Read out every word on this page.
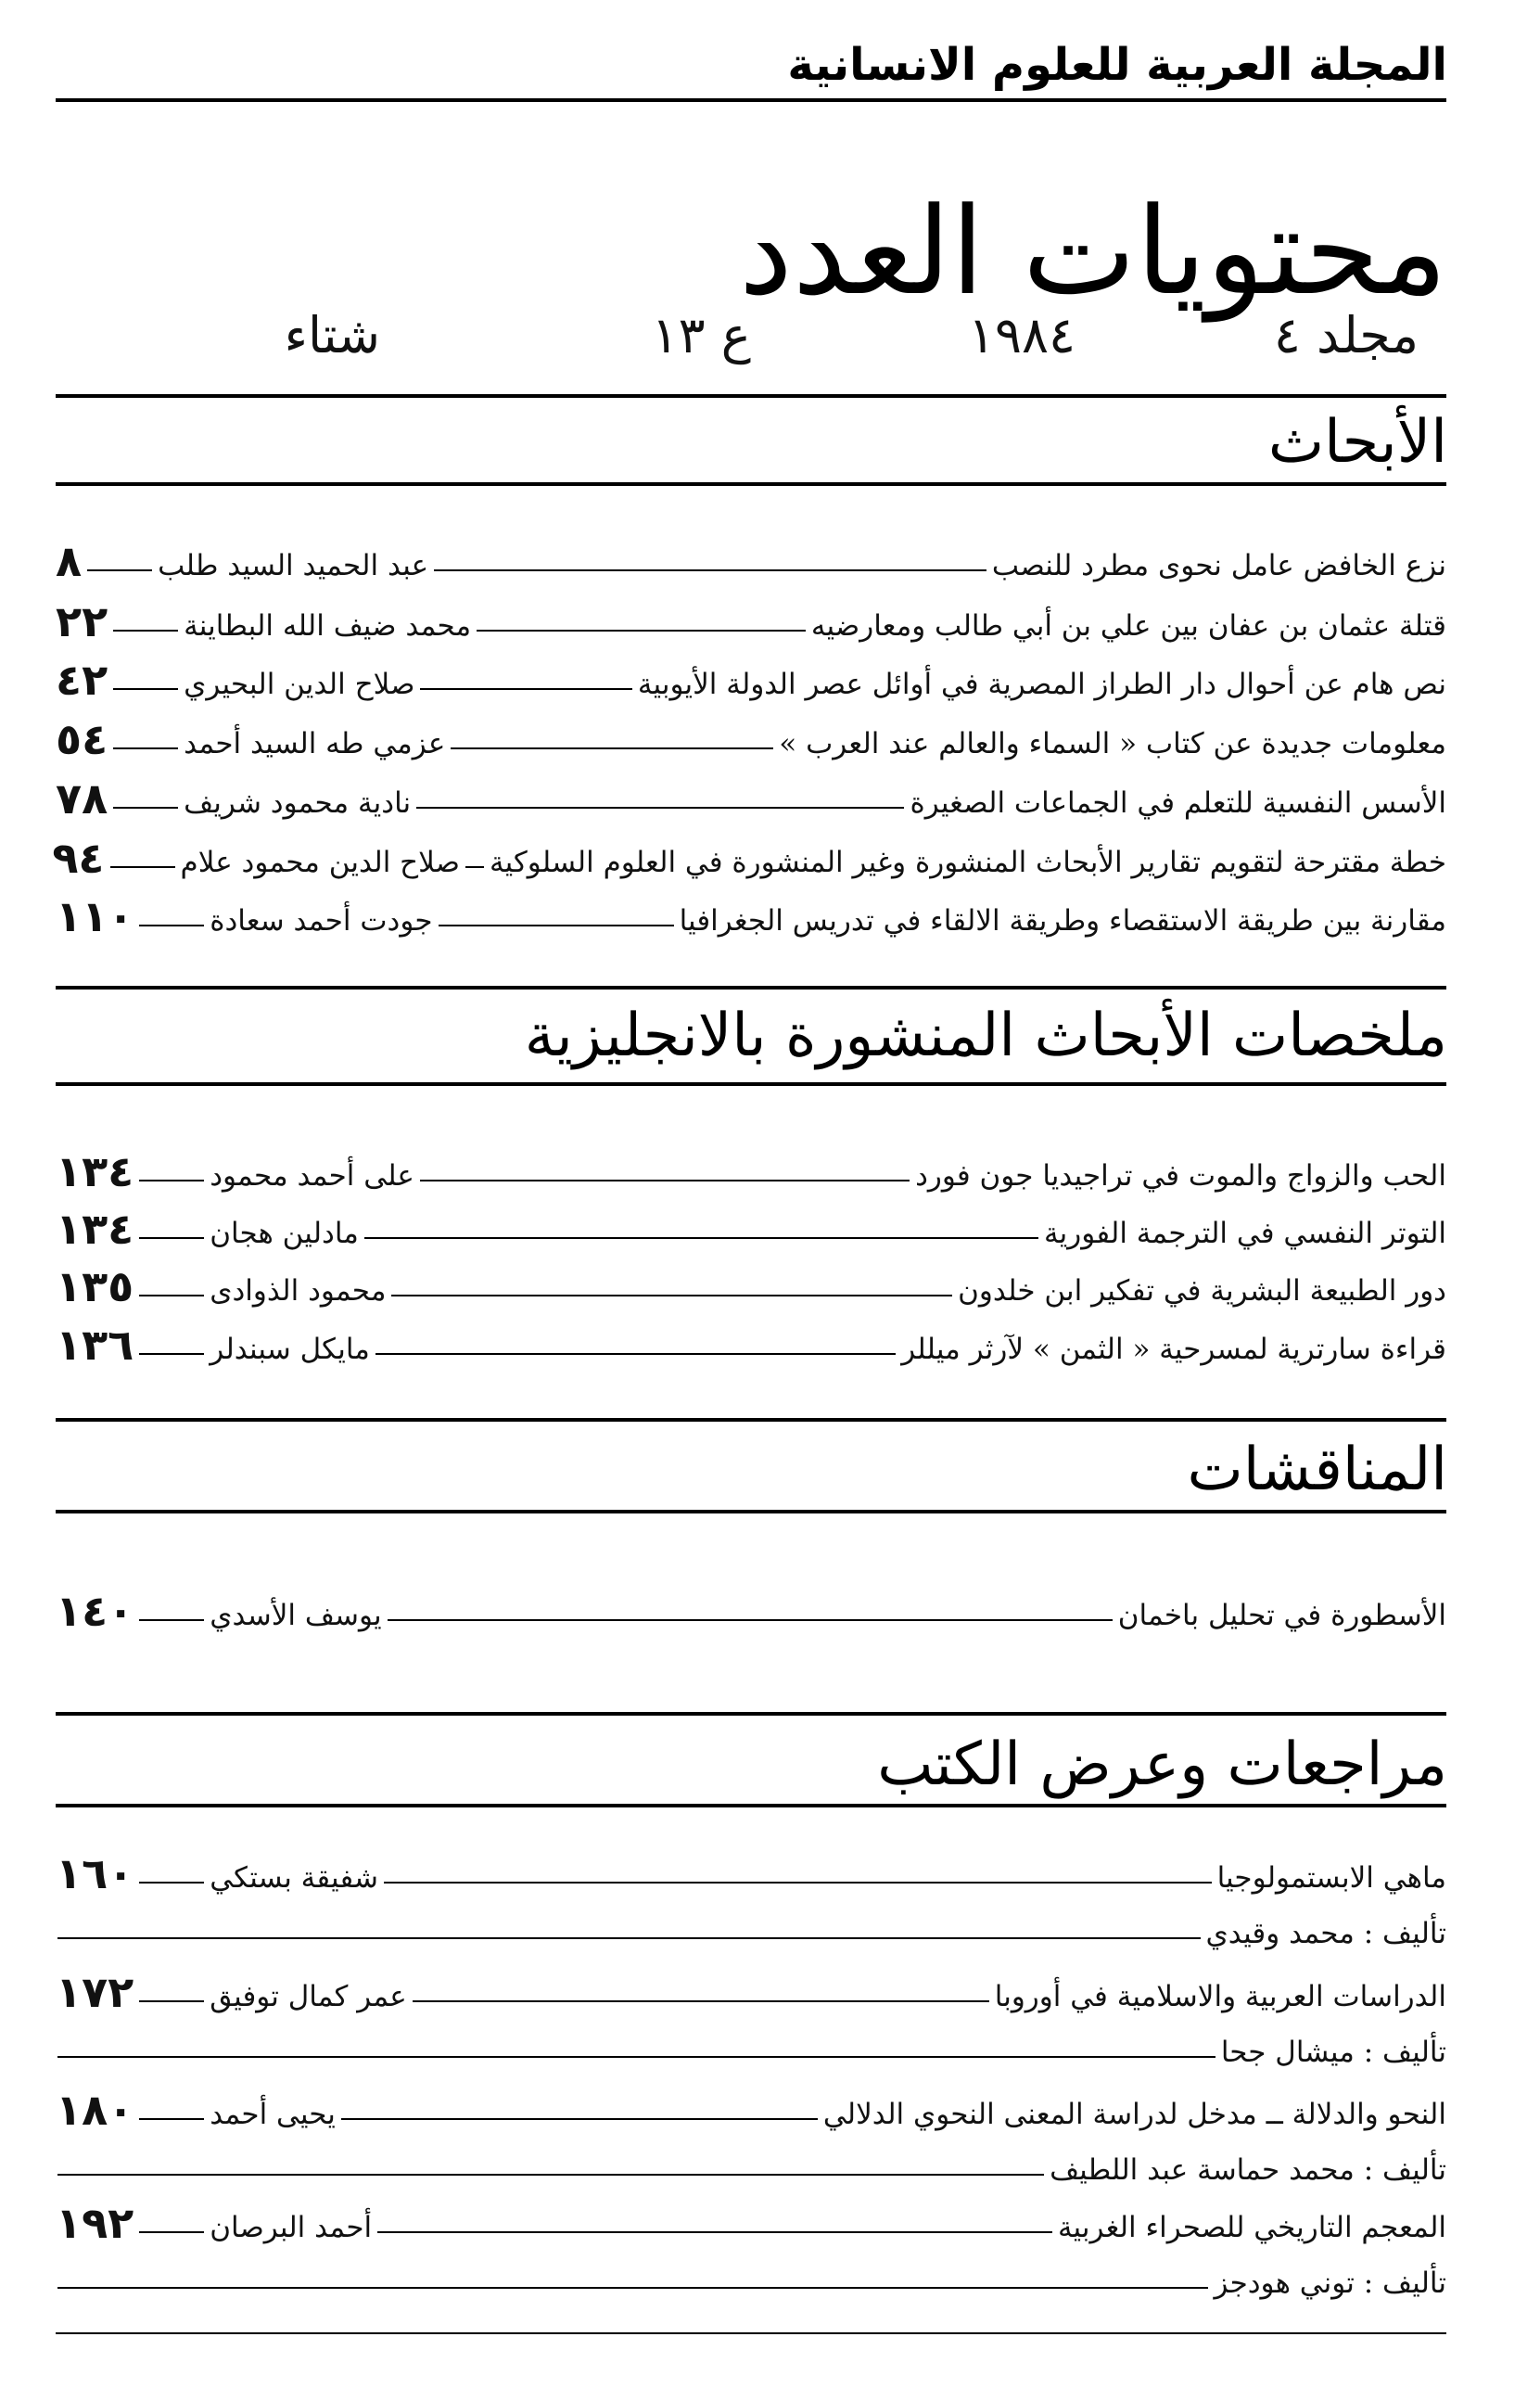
المجلة العربية للعلوم الانسانية
محتويات العدد
مجلد ٤
١٩٨٤
ع ١٣
شتاء
الأبحاث
نزع الخافض عامل نحوى مطرد للنصب
عبد الحميد السيد طلب
٨
قتلة عثمان بن عفان بين علي بن أبي طالب ومعارضيه
محمد ضيف الله البطاينة
٢٢
نص هام عن أحوال دار الطراز المصرية في أوائل عصر الدولة الأيوبية
صلاح الدين البحيري
٤٢
معلومات جديدة عن كتاب « السماء والعالم عند العرب »
عزمي طه السيد أحمد
٥٤
الأسس النفسية للتعلم في الجماعات الصغيرة
نادية محمود شريف
٧٨
خطة مقترحة لتقويم تقارير الأبحاث المنشورة وغير المنشورة في العلوم السلوكية
صلاح الدين محمود علام
٩٤
مقارنة بين طريقة الاستقصاء وطريقة الالقاء في تدريس الجغرافيا
جودت أحمد سعادة
١١٠
ملخصات الأبحاث المنشورة بالانجليزية
الحب والزواج والموت في تراجيديا جون فورد
على أحمد محمود
١٣٤
التوتر النفسي في الترجمة الفورية
مادلين هجان
١٣٤
دور الطبيعة البشرية في تفكير ابن خلدون
محمود الذوادى
١٣٥
قراءة سارترية لمسرحية « الثمن » لآرثر ميللر
مايكل سبندلر
١٣٦
المناقشات
الأسطورة في تحليل باخمان
يوسف الأسدي
١٤٠
مراجعات وعرض الكتب
ماهي الابستمولوجيا
شفيقة بستكي
١٦٠
تأليف : محمد وقيدي
الدراسات العربية والاسلامية في أوروبا
عمر كمال توفيق
١٧٢
تأليف : ميشال جحا
النحو والدلالة ــ مدخل لدراسة المعنى النحوي الدلالي
يحيى أحمد
١٨٠
تأليف : محمد حماسة عبد اللطيف
المعجم التاريخي للصحراء الغربية
أحمد البرصان
١٩٢
تأليف : توني هودجز
